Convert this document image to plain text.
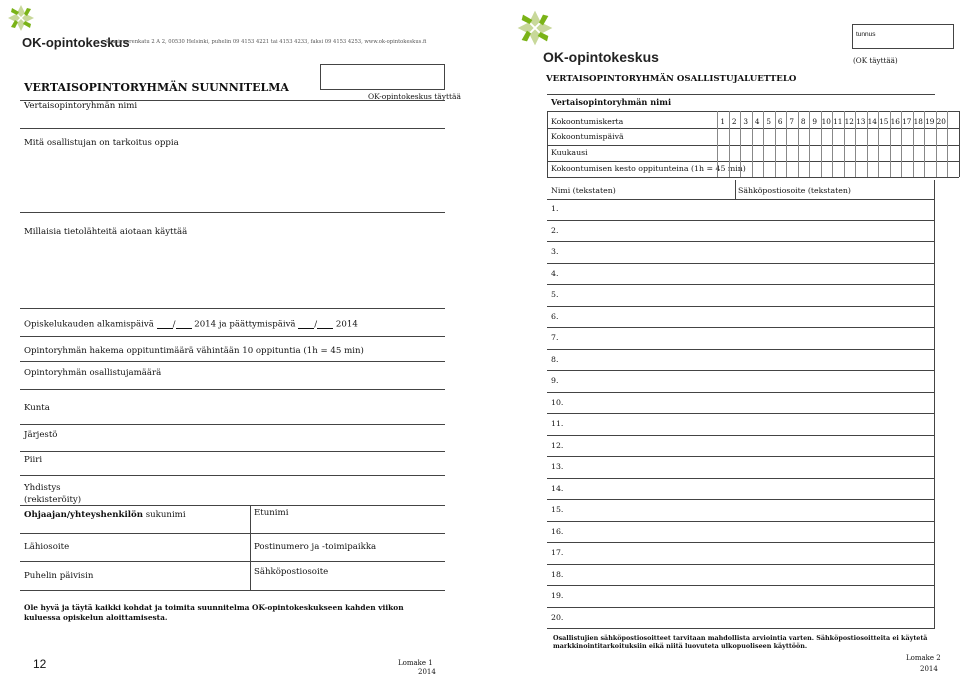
OK-opintokeskus
Paasivuorenkatu 2 A 2, 00530 Helsinki, puhelin 09 4153 4221 tai 4153 4233, faksi 09 4153 4253, www.ok-opintokeskus.fi
VERTAISOPINTORYHMÄN SUUNNITELMA
OK-opintokeskus täyttää
Vertaisopintoryhmän nimi
Mitä osallistujan on tarkoitus oppia
Millaisia tietolähteitä aiotaan käyttää
Opiskelukauden alkamispäivä / 2014 ja päättymispäivä / 2014
Opintoryhmän hakema oppituntimäärä vähintään 10 oppituntia (1h = 45 min)
Opintoryhmän osallistujamäärä
Kunta
Järjestö
Piiri
Yhdistys
(rekisteröity)
Ohjaajan/yhteyshenkilön sukunimi	Etunimi
Lähiosoite	Postinumero ja -toimipaikka
Puhelin päivisin	Sähköpostiosoite
Ole hyvä ja täytä kaikki kohdat ja toimita suunnitelma OK-opintokeskukseen kahden viikon kuluessa opiskelun aloittamisesta.
12	Lomake 1
2014
OK-opintokeskus
tunnus
(OK täyttää)
VERTAISOPINTORYHMÄN OSALLISTUJALUETTELO
Vertaisopintoryhmän nimi
Kokoontumiskerta	1 2 3 4 5 6 7 8 9 10 11 12 13 14 15 16 17 18 19 20
Kokoontumispäivä
Kuukausi
Kokoontumisen kesto oppitunteina (1h = 45 min)
Nimi (tekstaten)	Sähköpostiosoite (tekstaten)
1.
2.
3.
4.
5.
6.
7.
8.
9.
10.
11.
12.
13.
14.
15.
16.
17.
18.
19.
20.
Osallistujien sähköpostiosoitteet tarvitaan mahdollista arviointia varten. Sähköpostiosoitteita ei käytetä markkinointitarkoituksiin eikä niitä luovuteta ulkopuoliseen käyttöön.
Lomake 2
2014
